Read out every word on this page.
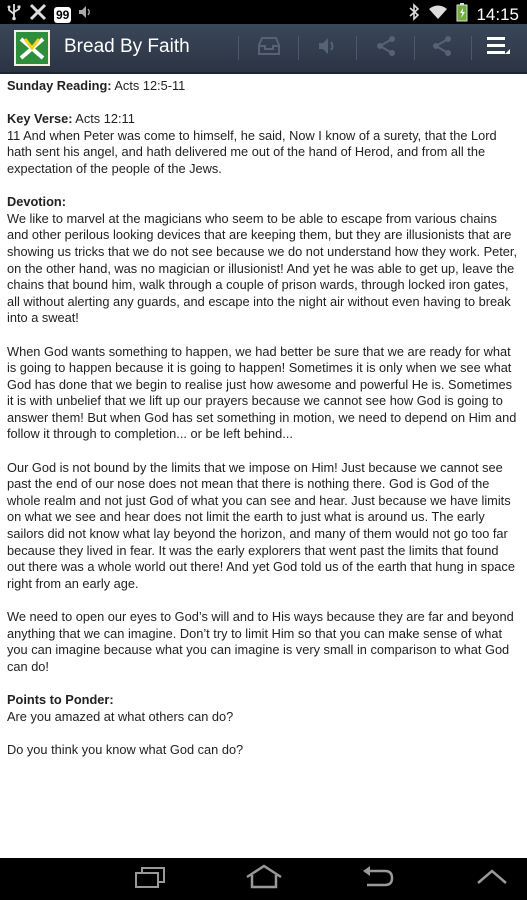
99	14:15
Bread By Faith

Sunday Reading: Acts 12:5-11

Key Verse: Acts 12:11
11 And when Peter was come to himself, he said, Now I know of a surety, that the Lord hath sent his angel, and hath delivered me out of the hand of Herod, and from all the expectation of the people of the Jews.

Devotion:
We like to marvel at the magicians who seem to be able to escape from various chains and other perilous looking devices that are keeping them, but they are illusionists that are showing us tricks that we do not see because we do not understand how they work. Peter, on the other hand, was no magician or illusionist! And yet he was able to get up, leave the chains that bound him, walk through a couple of prison wards, through locked iron gates, all without alerting any guards, and escape into the night air without even having to break into a sweat!

When God wants something to happen, we had better be sure that we are ready for what is going to happen because it is going to happen! Sometimes it is only when we see what God has done that we begin to realise just how awesome and powerful He is. Sometimes it is with unbelief that we lift up our prayers because we cannot see how God is going to answer them! But when God has set something in motion, we need to depend on Him and follow it through to completion... or be left behind...

Our God is not bound by the limits that we impose on Him! Just because we cannot see past the end of our nose does not mean that there is nothing there. God is God of the whole realm and not just God of what you can see and hear. Just because we have limits on what we see and hear does not limit the earth to just what is around us. The early sailors did not know what lay beyond the horizon, and many of them would not go too far because they lived in fear. It was the early explorers that went past the limits that found out there was a whole world out there! And yet God told us of the earth that hung in space right from an early age.

We need to open our eyes to God’s will and to His ways because they are far and beyond anything that we can imagine. Don’t try to limit Him so that you can make sense of what you can imagine because what you can imagine is very small in comparison to what God can do!

Points to Ponder:
Are you amazed at what others can do?

Do you think you know what God can do?
